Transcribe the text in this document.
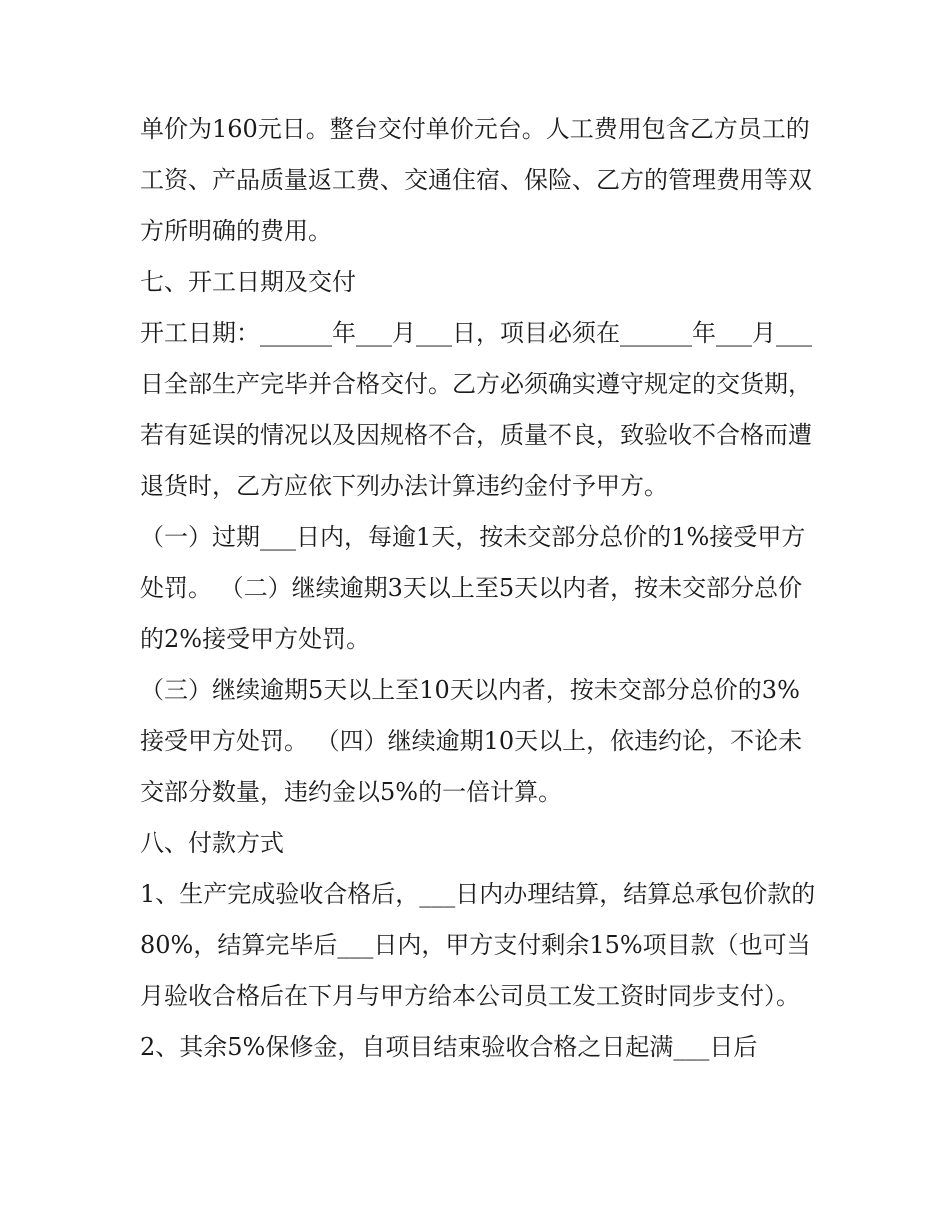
单价为160元日。整台交付单价元台。人工费用包含乙方员工的工资、产品质量返工费、交通住宿、保险、乙方的管理费用等双方所明确的费用。

七、开工日期及交付

开工日期：______年___月___日，项目必须在______年___月___日全部生产完毕并合格交付。乙方必须确实遵守规定的交货期，若有延误的情况以及因规格不合，质量不良，致验收不合格而遭退货时，乙方应依下列办法计算违约金付予甲方。

（一）过期___日内，每逾1天，按未交部分总价的1%接受甲方处罚。 （二）继续逾期3天以上至5天以内者，按未交部分总价的2%接受甲方处罚。

（三）继续逾期5天以上至10天以内者，按未交部分总价的3%接受甲方处罚。 （四）继续逾期10天以上，依违约论，不论未交部分数量，违约金以5%的一倍计算。

八、付款方式

1、生产完成验收合格后，___日内办理结算，结算总承包价款的80%，结算完毕后___日内，甲方支付剩余15%项目款（也可当月验收合格后在下月与甲方给本公司员工发工资时同步支付）。

2、其余5%保修金，自项目结束验收合格之日起满___日后
